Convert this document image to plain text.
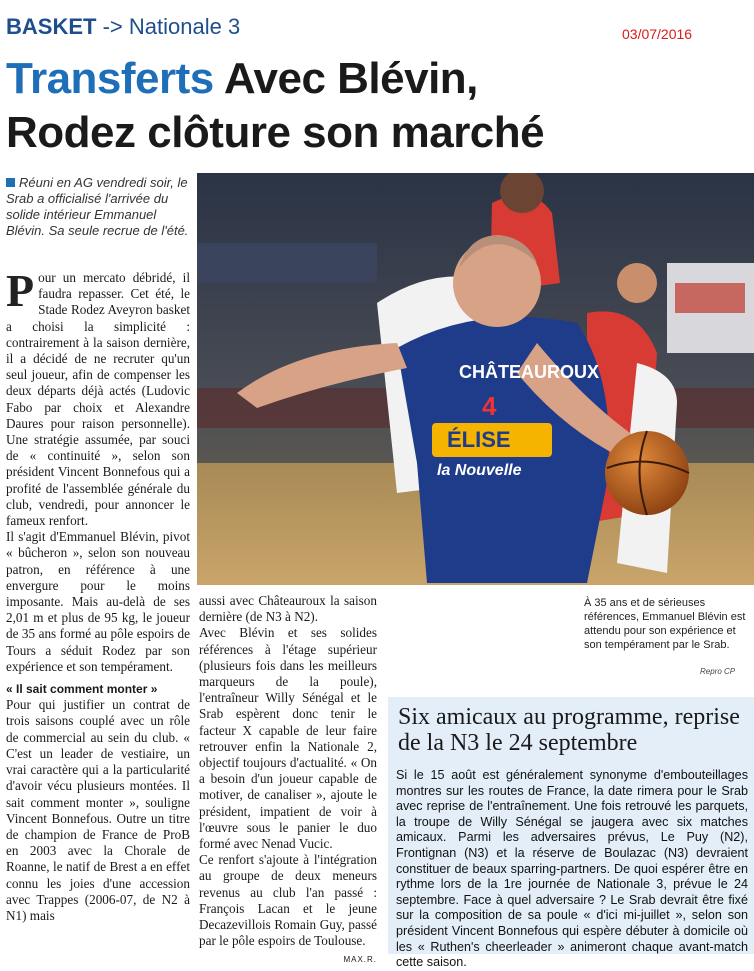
BASKET -> Nationale 3	03/07/2016
Transferts Avec Blévin,
Rodez clôture son marché
Réuni en AG vendredi soir, le Srab a officialisé l'arrivée du solide intérieur Emmanuel Blévin. Sa seule recrue de l'été.
CHÂTEAUROUX
4
ÉLISE
la Nouvelle
À 35 ans et de sérieuses références, Emmanuel Blévin est attendu pour son expérience et son tempérament par le Srab.
Repro CP

Pour un mercato débridé, il faudra repasser. Cet été, le Stade Rodez Aveyron basket a choisi la simplicité : contrairement à la saison dernière, il a décidé de ne recruter qu'un seul joueur, afin de compenser les deux départs déjà actés (Ludovic Fabo par choix et Alexandre Daures pour raison personnelle). Une stratégie assumée, par souci de « continuité », selon son président Vincent Bonnefous qui a profité de l'assemblée générale du club, vendredi, pour annoncer le fameux renfort.

Il s'agit d'Emmanuel Blévin, pivot « bûcheron », selon son nouveau patron, en référence à une envergure pour le moins imposante. Mais au-delà de ses 2,01 m et plus de 95 kg, le joueur de 35 ans formé au pôle espoirs de Tours a séduit Rodez par son expérience et son tempérament.

« Il sait comment monter »

Pour qui justifier un contrat de trois saisons couplé avec un rôle de commercial au sein du club. « C'est un leader de vestiaire, un vrai caractère qui a la particularité d'avoir vécu plusieurs montées. Il sait comment monter », souligne Vincent Bonnefous. Outre un titre de champion de France de ProB en 2003 avec la Chorale de Roanne, le natif de Brest a en effet connu les joies d'une accession avec Trappes (2006-07, de N2 à N1) mais

aussi avec Châteauroux la saison dernière (de N3 à N2).

Avec Blévin et ses solides références à l'étage supérieur (plusieurs fois dans les meilleurs marqueurs de la poule), l'entraîneur Willy Sénégal et le Srab espèrent donc tenir le facteur X capable de leur faire retrouver enfin la Nationale 2, objectif toujours d'actualité. « On a besoin d'un joueur capable de motiver, de canaliser », ajoute le président, impatient de voir à l'œuvre sous le panier le duo formé avec Nenad Vucic.

Ce renfort s'ajoute à l'intégration au groupe de deux meneurs revenus au club l'an passé : François Lacan et le jeune Decazevillois Romain Guy, passé par le pôle espoirs de Toulouse.
MAX.R.

Six amicaux au programme, reprise de la N3 le 24 septembre
Si le 15 août est généralement synonyme d'embouteillages montres sur les routes de France, la date rimera pour le Srab avec reprise de l'entraînement. Une fois retrouvé les parquets, la troupe de Willy Sénégal se jaugera avec six matches amicaux. Parmi les adversaires prévus, Le Puy (N2), Frontignan (N3) et la réserve de Boulazac (N3) devraient constituer de beaux sparring-partners. De quoi espérer être en rythme lors de la 1re journée de Nationale 3, prévue le 24 septembre. Face à quel adversaire ? Le Srab devrait être fixé sur la composition de sa poule « d'ici mi-juillet », selon son président Vincent Bonnefous qui espère débuter à domicile où les « Ruthen's cheerleader » animeront chaque avant-match cette saison.
